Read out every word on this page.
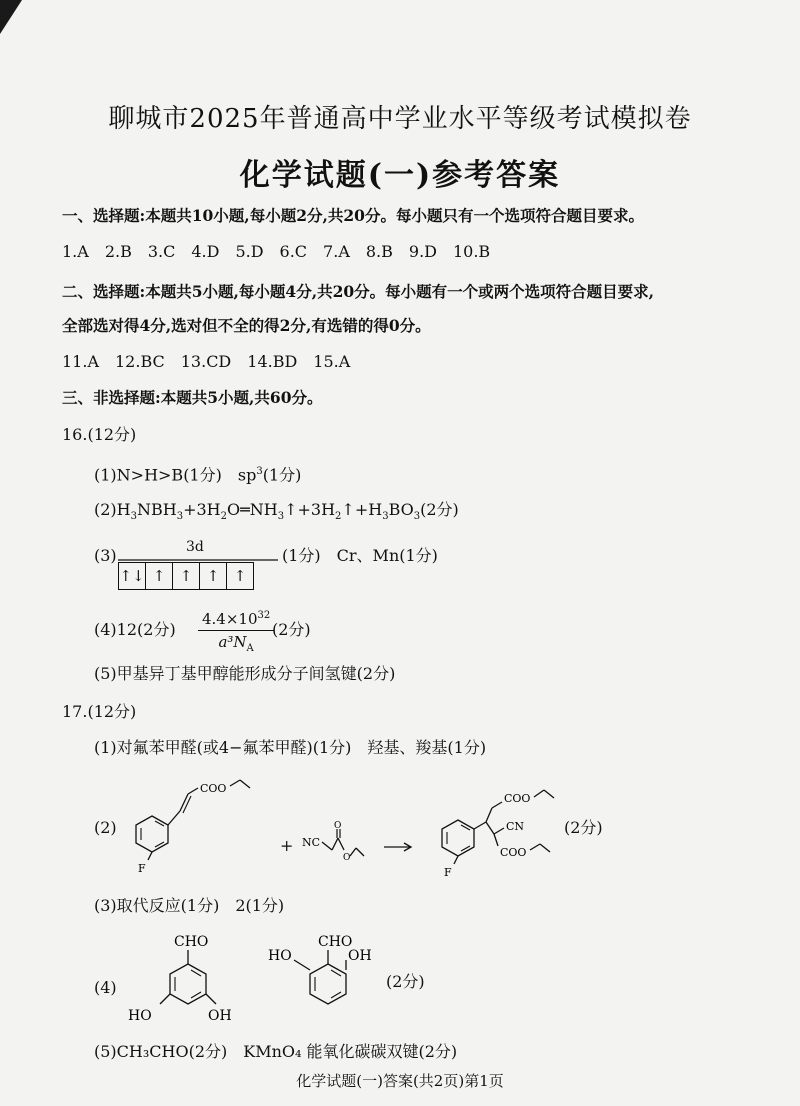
聊城市2025年普通高中学业水平等级考试模拟卷
化学试题(一)参考答案
一、选择题:本题共10小题,每小题2分,共20分。每小题只有一个选项符合题目要求。
1.A　2.B　3.C　4.D　5.D　6.C　7.A　8.B　9.D　10.B
二、选择题:本题共5小题,每小题4分,共20分。每小题有一个或两个选项符合题目要求,
全部选对得4分,选对但不全的得2分,有选错的得0分。
11.A　12.BC　13.CD　14.BD　15.A
三、非选择题:本题共5小题,共60分。
16.(12分)
(1)N>H>B(1分)　$sp^3(1$分)
$(2)H_3NBH_3+3H_2O═NH_3↑+3H_2↑+H_3BO_3(2$分)
(3)	3d
↑↓	↑	↑	↑	↑
(1分)　Cr、Mn(1分)
(4)12(2分) $\frac{4.4\times 10^{32}}{a^3N_A}$
(2分)
(5)甲基异丁基甲醇能形成分子间氢键(2分)
17.(12分)
(1)对氟苯甲醛(或4−氟苯甲醛)(1分)　羟基、羧基(1分)
(2)
COO
F
+ NC
O
O
COO
CN
COO
F
(2分)
(3)取代反应(1分)　2(1分)
(4)
CHO
HO	OH
CHO
HO	OH
(2分)
(5)CH₃CHO(2分)　KMnO₄ 能氧化碳碳双键(2分)
化学试题(一)答案(共2页)第1页
